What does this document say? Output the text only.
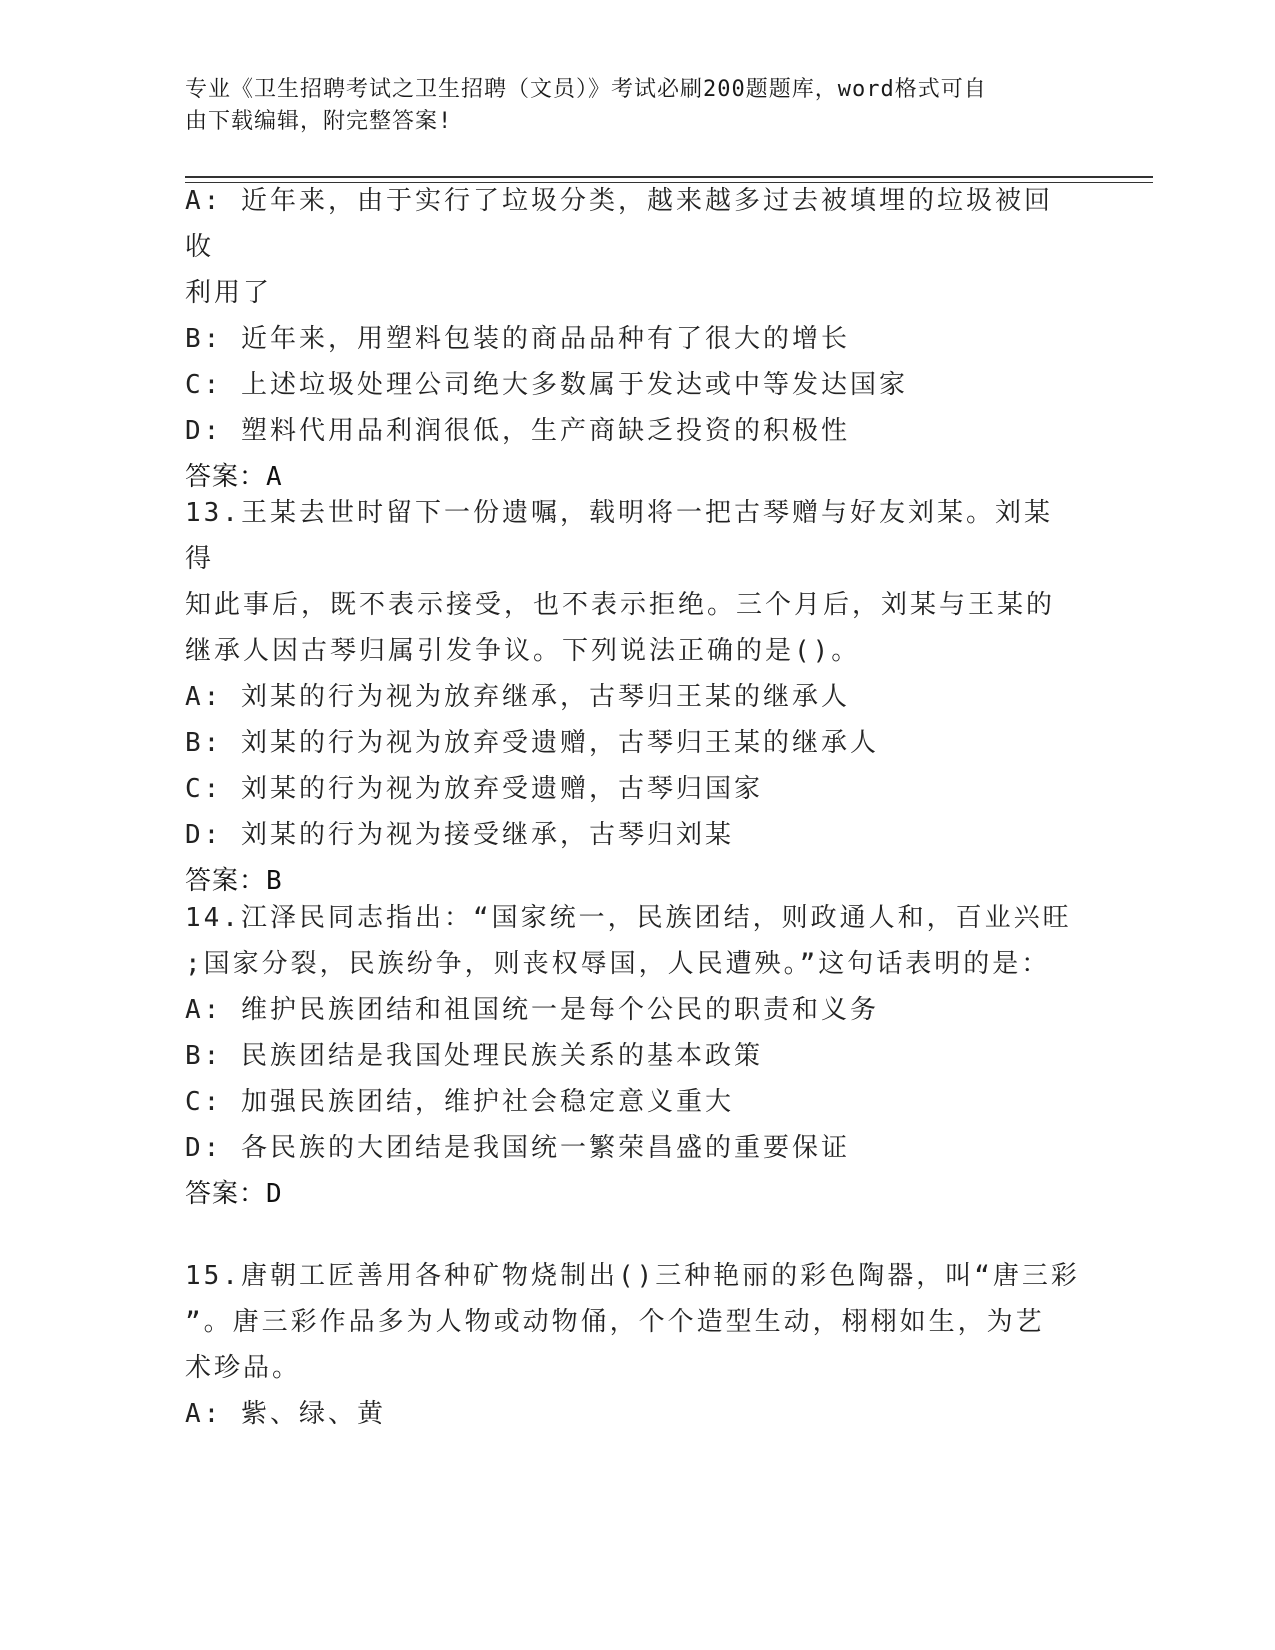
专业《卫生招聘考试之卫生招聘（文员）》考试必刷200题题库，word格式可自
由下载编辑，附完整答案!
A: 近年来，由于实行了垃圾分类，越来越多过去被填埋的垃圾被回收
利用了
B: 近年来，用塑料包装的商品品种有了很大的增长
C: 上述垃圾处理公司绝大多数属于发达或中等发达国家
D: 塑料代用品利润很低，生产商缺乏投资的积极性
答案：A
13.王某去世时留下一份遗嘱，载明将一把古琴赠与好友刘某。刘某得
知此事后，既不表示接受，也不表示拒绝。三个月后，刘某与王某的
继承人因古琴归属引发争议。下列说法正确的是()。
A: 刘某的行为视为放弃继承，古琴归王某的继承人
B: 刘某的行为视为放弃受遗赠，古琴归王某的继承人
C: 刘某的行为视为放弃受遗赠，古琴归国家
D: 刘某的行为视为接受继承，古琴归刘某
答案：B
14.江泽民同志指出：“国家统一，民族团结，则政通人和，百业兴旺
;国家分裂，民族纷争，则丧权辱国，人民遭殃。”这句话表明的是：
A: 维护民族团结和祖国统一是每个公民的职责和义务
B: 民族团结是我国处理民族关系的基本政策
C: 加强民族团结，维护社会稳定意义重大
D: 各民族的大团结是我国统一繁荣昌盛的重要保证
答案：D
15.唐朝工匠善用各种矿物烧制出()三种艳丽的彩色陶器，叫“唐三彩
”。唐三彩作品多为人物或动物俑，个个造型生动，栩栩如生，为艺
术珍品。
A: 紫、绿、黄
